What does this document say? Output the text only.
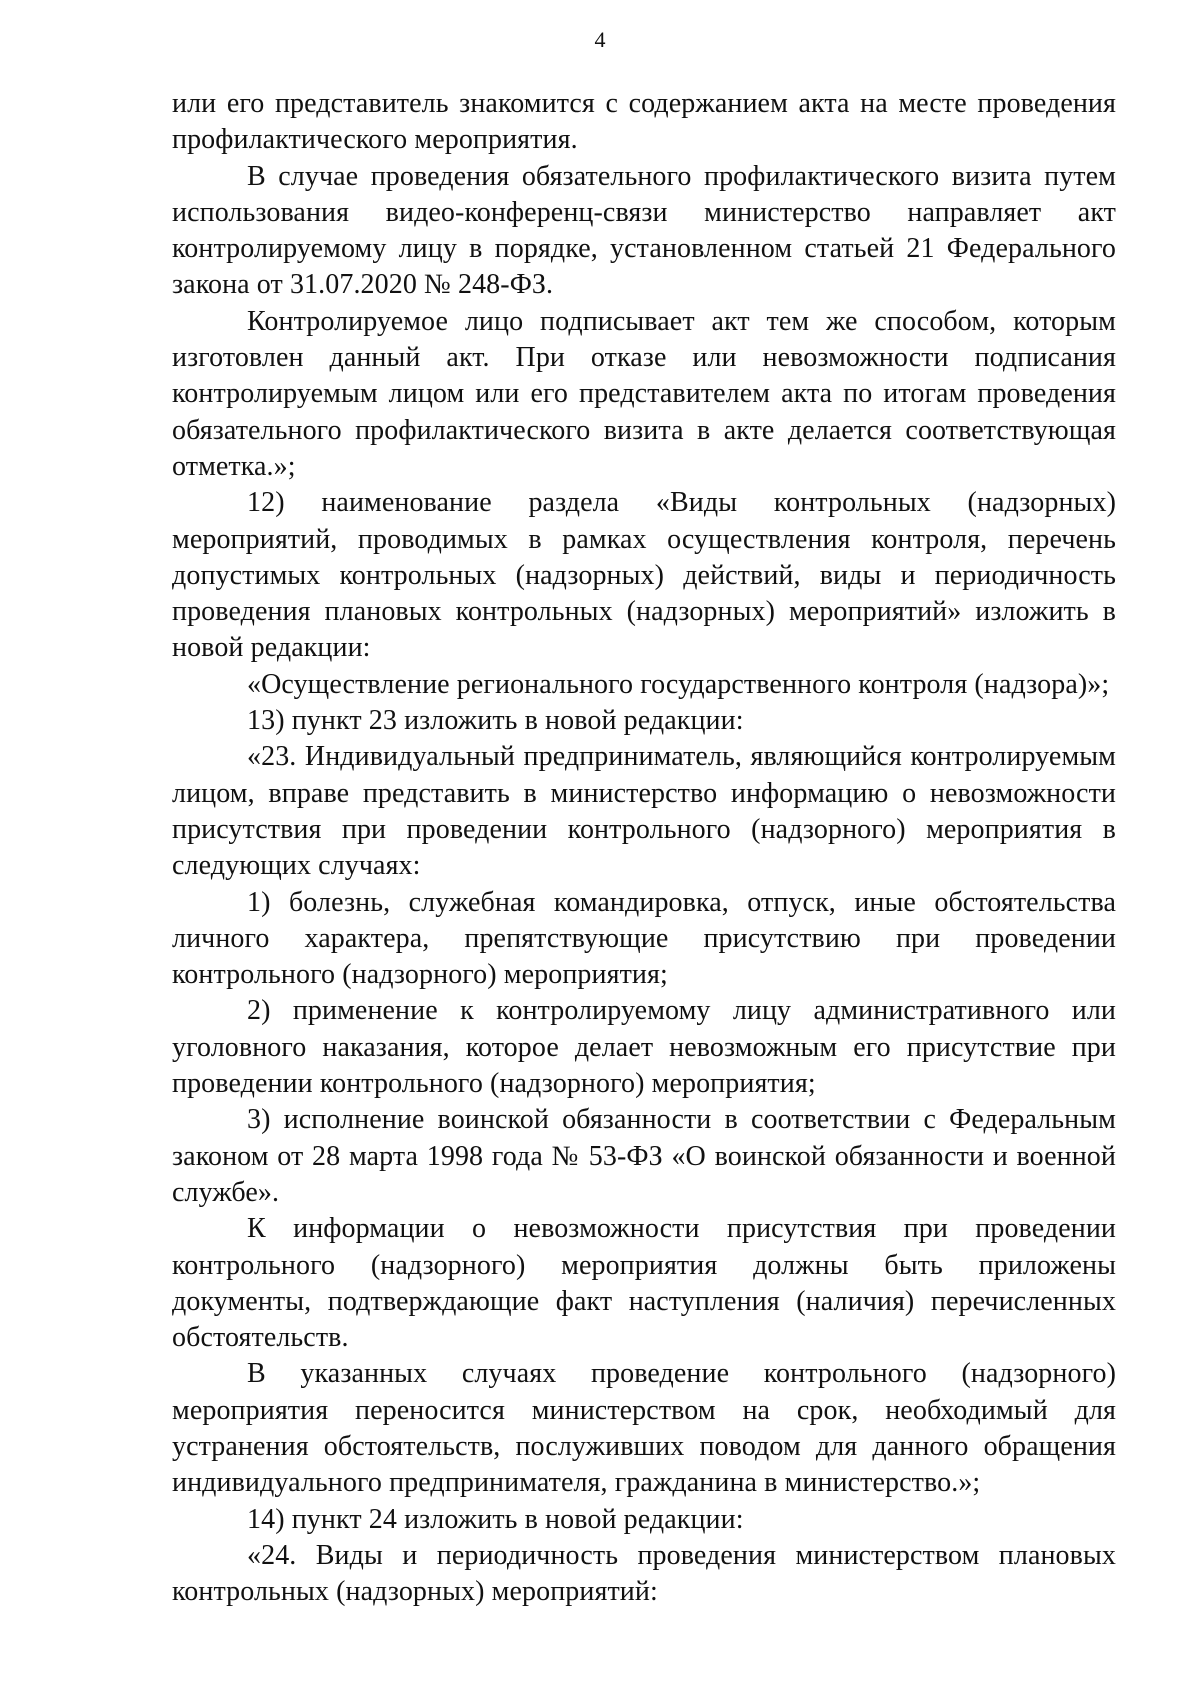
4

или его представитель знакомится с содержанием акта на месте проведения профилактического мероприятия.

В случае проведения обязательного профилактического визита путем использования видео-конференц-связи министерство направляет акт контролируемому лицу в порядке, установленном статьей 21 Федерального закона от 31.07.2020 № 248-ФЗ.

Контролируемое лицо подписывает акт тем же способом, которым изготовлен данный акт. При отказе или невозможности подписания контролируемым лицом или его представителем акта по итогам проведения обязательного профилактического визита в акте делается соответствующая отметка.»;

12) наименование раздела «Виды контрольных (надзорных) мероприятий, проводимых в рамках осуществления контроля, перечень допустимых контрольных (надзорных) действий, виды и периодичность проведения плановых контрольных (надзорных) мероприятий» изложить в новой редакции:

«Осуществление регионального государственного контроля (надзора)»;

13) пункт 23 изложить в новой редакции:

«23. Индивидуальный предприниматель, являющийся контролируемым лицом, вправе представить в министерство информацию о невозможности присутствия при проведении контрольного (надзорного) мероприятия в следующих случаях:

1) болезнь, служебная командировка, отпуск, иные обстоятельства личного характера, препятствующие присутствию при проведении контрольного (надзорного) мероприятия;

2) применение к контролируемому лицу административного или уголовного наказания, которое делает невозможным его присутствие при проведении контрольного (надзорного) мероприятия;

3) исполнение воинской обязанности в соответствии с Федеральным законом от 28 марта 1998 года № 53-ФЗ «О воинской обязанности и военной службе».

К информации о невозможности присутствия при проведении контрольного (надзорного) мероприятия должны быть приложены документы, подтверждающие факт наступления (наличия) перечисленных обстоятельств.

В указанных случаях проведение контрольного (надзорного) мероприятия переносится министерством на срок, необходимый для устранения обстоятельств, послуживших поводом для данного обращения индивидуального предпринимателя, гражданина в министерство.»;

14) пункт 24 изложить в новой редакции:

«24. Виды и периодичность проведения министерством плановых контрольных (надзорных) мероприятий:
